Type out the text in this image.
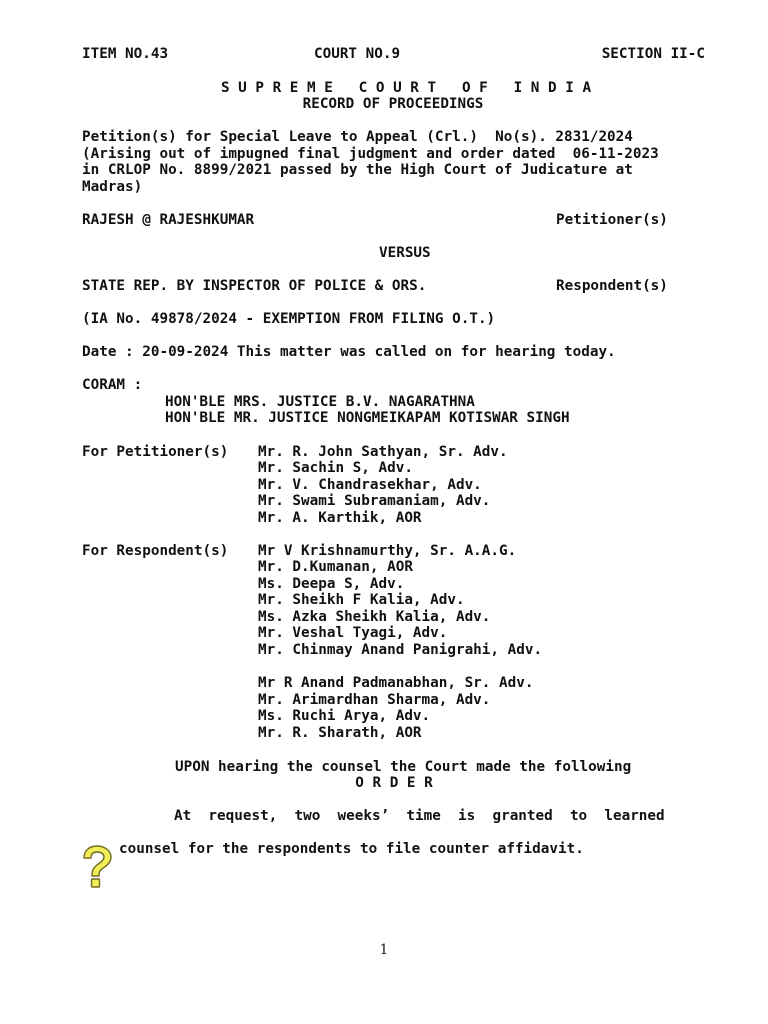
ITEM NO.43	COURT NO.9	SECTION II-C
S U P R E M E   C O U R T   O F   I N D I A
RECORD OF PROCEEDINGS
Petition(s) for Special Leave to Appeal (Crl.)  No(s). 2831/2024
(Arising out of impugned final judgment and order dated  06-11-2023
in CRLOP No. 8899/2021 passed by the High Court of Judicature at
Madras)
RAJESH @ RAJESHKUMAR	Petitioner(s)
VERSUS
STATE REP. BY INSPECTOR OF POLICE & ORS.	Respondent(s)
(IA No. 49878/2024 - EXEMPTION FROM FILING O.T.)
Date : 20-09-2024 This matter was called on for hearing today.
CORAM :
HON'BLE MRS. JUSTICE B.V. NAGARATHNA
HON'BLE MR. JUSTICE NONGMEIKAPAM KOTISWAR SINGH
For Petitioner(s) Mr. R. John Sathyan, Sr. Adv.
Mr. Sachin S, Adv.
Mr. V. Chandrasekhar, Adv.
Mr. Swami Subramaniam, Adv.
Mr. A. Karthik, AOR
For Respondent(s) Mr V Krishnamurthy, Sr. A.A.G.
Mr. D.Kumanan, AOR
Ms. Deepa S, Adv.
Mr. Sheikh F Kalia, Adv.
Ms. Azka Sheikh Kalia, Adv.
Mr. Veshal Tyagi, Adv.
Mr. Chinmay Anand Panigrahi, Adv.
Mr R Anand Padmanabhan, Sr. Adv.
Mr. Arimardhan Sharma, Adv.
Ms. Ruchi Arya, Adv.
Mr. R. Sharath, AOR
UPON hearing the counsel the Court made the following
O R D E R
At  request,  two  weeks’  time  is  granted  to  learned
counsel for the respondents to file counter affidavit.
1
